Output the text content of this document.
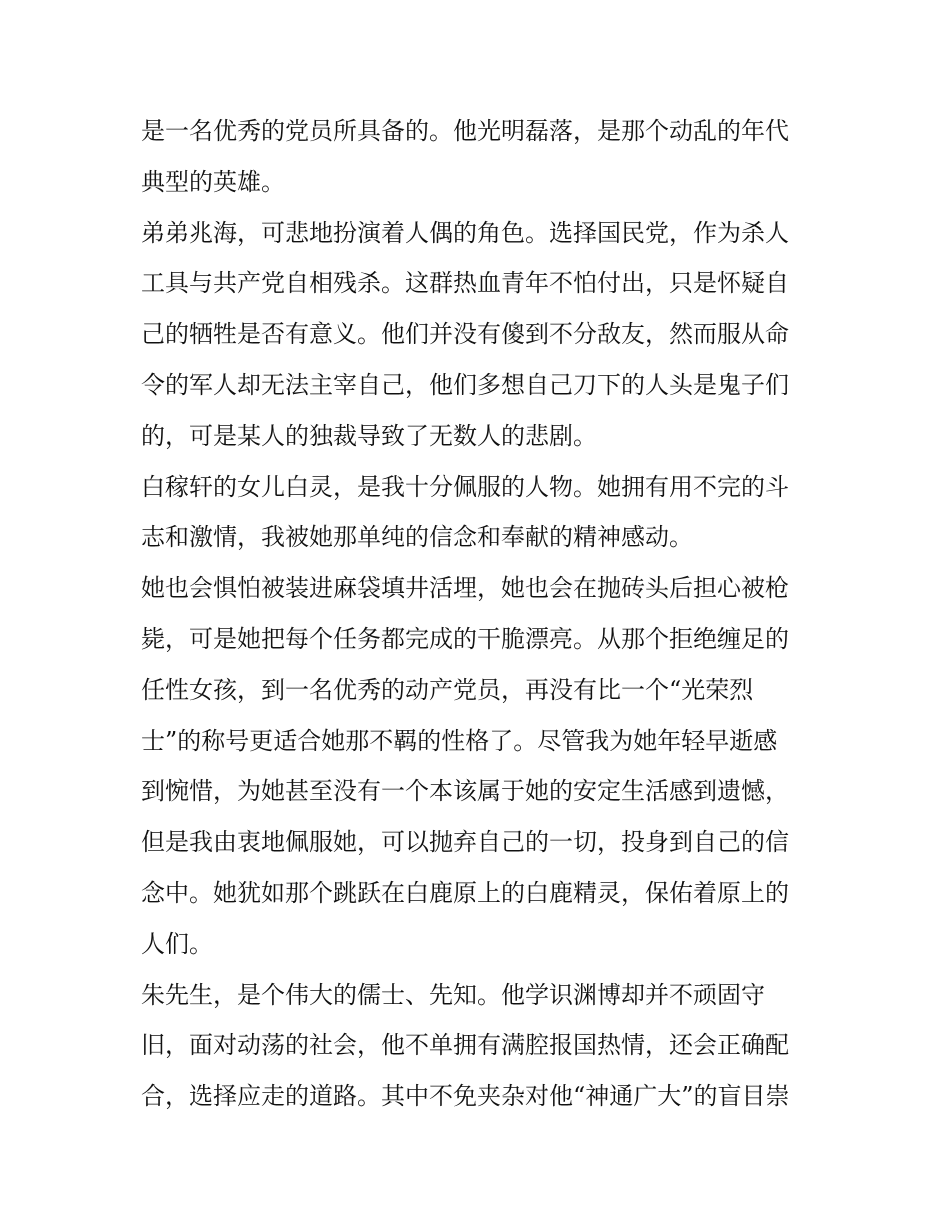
是一名优秀的党员所具备的。他光明磊落，是那个动乱的年代
典型的英雄。
弟弟兆海，可悲地扮演着人偶的角色。选择国民党，作为杀人
工具与共产党自相残杀。这群热血青年不怕付出，只是怀疑自
己的牺牲是否有意义。他们并没有傻到不分敌友，然而服从命
令的军人却无法主宰自己，他们多想自己刀下的人头是鬼子们
的，可是某人的独裁导致了无数人的悲剧。
白稼轩的女儿白灵，是我十分佩服的人物。她拥有用不完的斗
志和激情，我被她那单纯的信念和奉献的精神感动。
她也会惧怕被装进麻袋填井活埋，她也会在抛砖头后担心被枪
毙，可是她把每个任务都完成的干脆漂亮。从那个拒绝缠足的
任性女孩，到一名优秀的动产党员，再没有比一个“光荣烈
士”的称号更适合她那不羁的性格了。尽管我为她年轻早逝感
到惋惜，为她甚至没有一个本该属于她的安定生活感到遗憾，
但是我由衷地佩服她，可以抛弃自己的一切，投身到自己的信
念中。她犹如那个跳跃在白鹿原上的白鹿精灵，保佑着原上的
人们。
朱先生，是个伟大的儒士、先知。他学识渊博却并不顽固守
旧，面对动荡的社会，他不单拥有满腔报国热情，还会正确配
合，选择应走的道路。其中不免夹杂对他“神通广大”的盲目崇
